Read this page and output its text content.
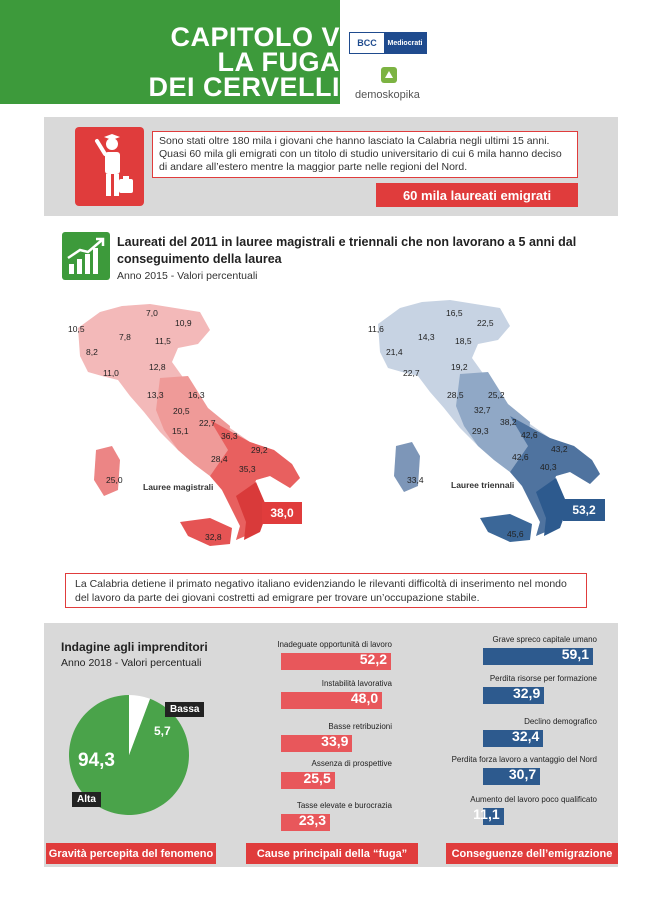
CAPITOLO V
LA FUGA
DEI CERVELLI
BCC	Mediocrati
demoskopika
Sono stati oltre 180 mila i giovani che hanno lasciato la Calabria negli ultimi 15 anni. Quasi 60 mila gli emigrati con un titolo di studio universitario di cui 6 mila hanno deciso di andare all’estero mentre la maggior parte nelle regioni del Nord.
60 mila laureati emigrati
Laureati del 2011 in lauree magistrali e triennali che non lavorano a 5 anni dal conseguimento della laurea
Anno 2015 - Valori percentuali
10,5
7,0
10,9
7,8
8,2
11,5
11,0
12,8
13,3	16,3
20,5
15,1
22,7
36,3
29,2
28,4
35,3
25,0
32,8
38,0
Lauree magistrali
11,6
16,5
22,5
14,3
21,4
18,5
19,2
22,7
28,5	25,2
32,7
29,3
38,2
42,6
42,6
43,2
40,3
33,4
45,6
53,2
Lauree triennali
La Calabria detiene il primato negativo italiano evidenziando le rilevanti difficoltà di inserimento nel mondo del lavoro da parte dei giovani costretti ad emigrare per trovare un’occupazione stabile.
Indagine agli imprenditori
Anno 2018 - Valori percentuali
Bassa
5,7
94,3
Alta
Inadeguate opportunità di lavoro
52,2
Instabilità lavorativa
48,0
Basse retribuzioni
33,9
Assenza di prospettive
25,5
Tasse elevate e burocrazia
23,3
Grave spreco capitale umano
59,1
Perdita risorse per formazione
32,9
Declino demografico
32,4
Perdita forza lavoro a vantaggio del Nord
30,7
Aumento del lavoro poco qualificato
11,1
Gravità percepita del fenomeno	Cause principali della “fuga”	Conseguenze dell’emigrazione
